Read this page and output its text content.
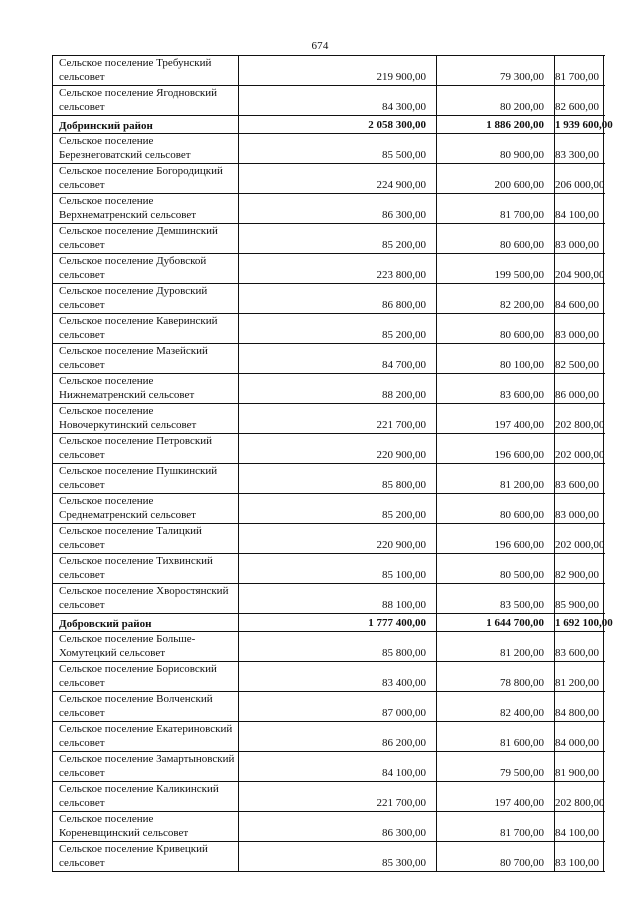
674
Сельское поселение Требунский сельсовет	219 900,00	79 300,00	81 700,00
Сельское поселение Ягодновский сельсовет	84 300,00	80 200,00	82 600,00
Добринский район	2 058 300,00	1 886 200,00	1 939 600,00
Сельское поселение Березнеговатский сельсовет	85 500,00	80 900,00	83 300,00
Сельское поселение Богородицкий сельсовет	224 900,00	200 600,00	206 000,00
Сельское поселение Верхнематренский сельсовет	86 300,00	81 700,00	84 100,00
Сельское поселение Демшинский сельсовет	85 200,00	80 600,00	83 000,00
Сельское поселение Дубовской сельсовет	223 800,00	199 500,00	204 900,00
Сельское поселение Дуровский сельсовет	86 800,00	82 200,00	84 600,00
Сельское поселение Каверинский сельсовет	85 200,00	80 600,00	83 000,00
Сельское поселение Мазейский сельсовет	84 700,00	80 100,00	82 500,00
Сельское поселение Нижнематренский сельсовет	88 200,00	83 600,00	86 000,00
Сельское поселение Новочеркутинский сельсовет	221 700,00	197 400,00	202 800,00
Сельское поселение Петровский сельсовет	220 900,00	196 600,00	202 000,00
Сельское поселение Пушкинский сельсовет	85 800,00	81 200,00	83 600,00
Сельское поселение Среднематренский сельсовет	85 200,00	80 600,00	83 000,00
Сельское поселение Талицкий сельсовет	220 900,00	196 600,00	202 000,00
Сельское поселение Тихвинский сельсовет	85 100,00	80 500,00	82 900,00
Сельское поселение Хворостянский сельсовет	88 100,00	83 500,00	85 900,00
Добровский район	1 777 400,00	1 644 700,00	1 692 100,00
Сельское поселение Больше-Хомутецкий сельсовет	85 800,00	81 200,00	83 600,00
Сельское поселение Борисовский сельсовет	83 400,00	78 800,00	81 200,00
Сельское поселение Волченский сельсовет	87 000,00	82 400,00	84 800,00
Сельское поселение Екатериновский сельсовет	86 200,00	81 600,00	84 000,00
Сельское поселение Замартыновский сельсовет	84 100,00	79 500,00	81 900,00
Сельское поселение Каликинский сельсовет	221 700,00	197 400,00	202 800,00
Сельское поселение Кореневщинский сельсовет	86 300,00	81 700,00	84 100,00
Сельское поселение Кривецкий сельсовет	85 300,00	80 700,00	83 100,00
